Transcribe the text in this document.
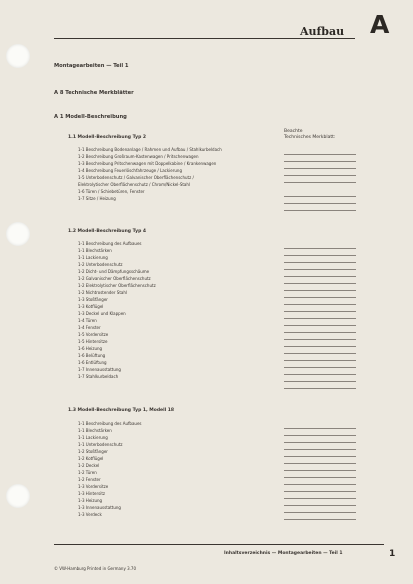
Aufbau A
Montagearbeiten — Teil 1
A 8 Technische Merkblätter
A 1 Modell-Beschreibung
Beachte
Technisches Merkblatt:
1.1 Modell-Beschreibung Typ 2
1-1 Beschreibung Bodenanlage / Rahmen und Aufbau / Stahlkurbeldach
1-2 Beschreibung Großraum-Kastenwagen / Pritschenwagen
1-3 Beschreibung Pritschenwagen mit Doppelkabine / Krankenwagen
1-4 Beschreibung Feuerlöschfahrzeuge / Lackierung
1-5 Unterbodenschutz / Galvanischer Oberflächenschutz /
Elektrolytischer Oberflächenschutz / Chrom/Nickel-Stahl
1-6 Türen / Schiebetüren, Fenster
1-7 Sitze / Heizung
1.2 Modell-Beschreibung Typ 4
1-1 Beschreibung des Aufbaues
1-1 Blechstärken
1-1 Lackierung
1-2 Unterbodenschutz
1-2 Dicht- und Dämpfungsschäume
1-2 Galvanischer Oberflächenschutz
1-2 Elektrolytischer Oberflächenschutz
1-2 Nichtrostender Stahl
1-3 Stoßfänger
1-3 Kotflügel
1-3 Deckel und Klappen
1-4 Türen
1-4 Fenster
1-5 Vordersitze
1-5 Hintersitze
1-6 Heizung
1-6 Belüftung
1-6 Entlüftung
1-7 Innenausstattung
1-7 Stahlkurbeldach
1.3 Modell-Beschreibung Typ 1, Modell 18
1-1 Beschreibung des Aufbaues
1-1 Blechstärken
1-1 Lackierung
1-1 Unterbodenschutz
1-2 Stoßfänger
1-2 Kotflügel
1-2 Deckel
1-2 Türen
1-2 Fenster
1-3 Vordersitze
1-3 Hintersitz
1-3 Heizung
1-3 Innenausstattung
1-3 Verdeck
Inhaltsverzeichnis — Montagearbeiten — Teil 1	1
© VW-Hamburg Printed in Germany 3.70
